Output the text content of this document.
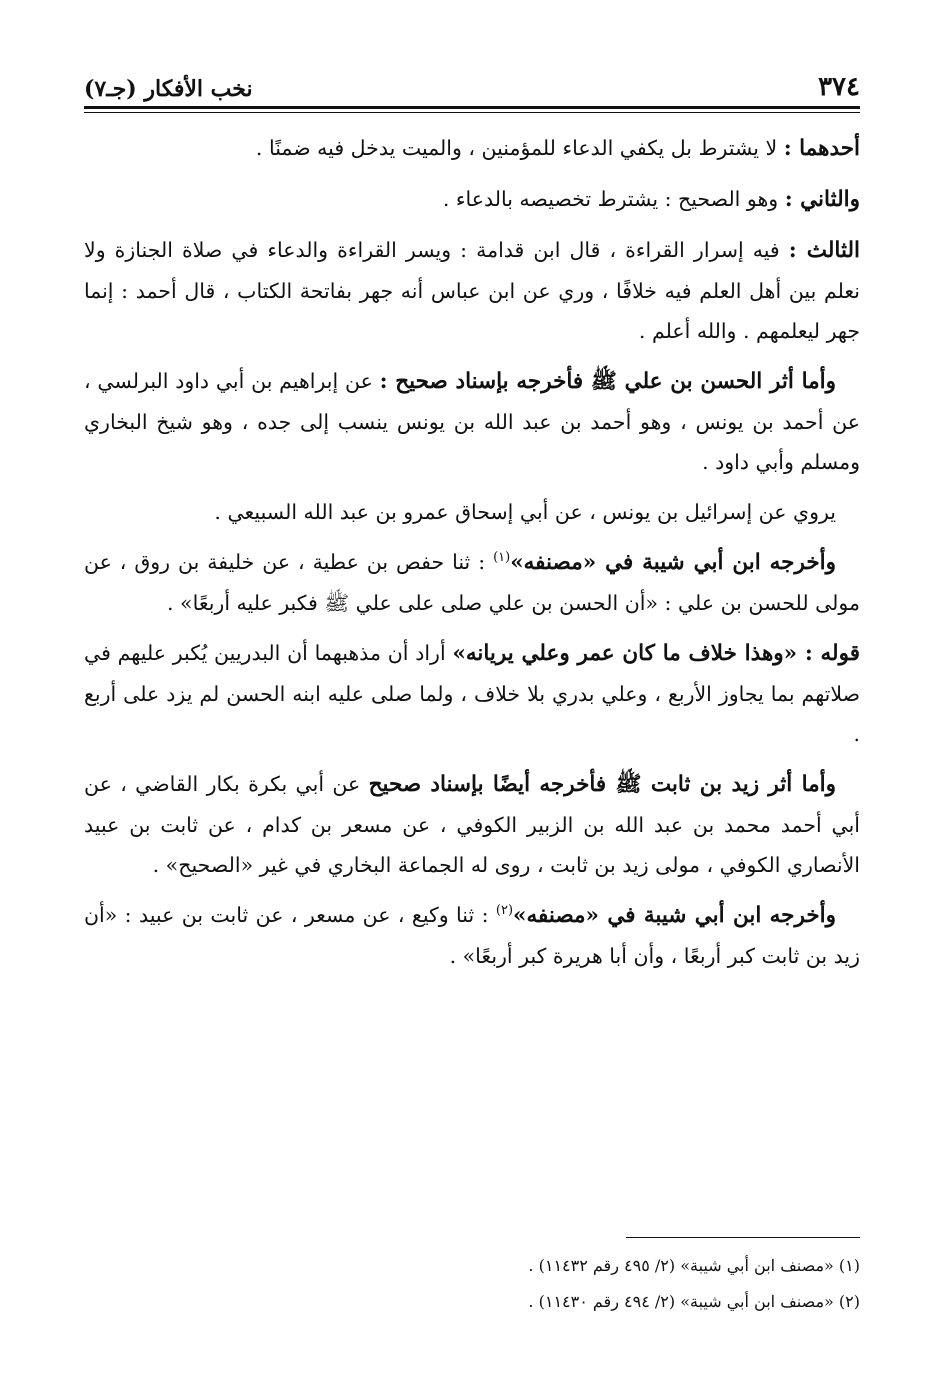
٣٧٤
نخب الأفكار (جـ٧)

أحدهما : لا يشترط بل يكفي الدعاء للمؤمنين ، والميت يدخل فيه ضمنًا .

والثاني : وهو الصحيح : يشترط تخصيصه بالدعاء .

الثالث : فيه إسرار القراءة ، قال ابن قدامة : ويسر القراءة والدعاء في صلاة الجنازة ولا نعلم بين أهل العلم فيه خلافًا ، وري عن ابن عباس أنه جهر بفاتحة الكتاب ، قال أحمد : إنما جهر ليعلمهم . والله أعلم .

وأما أثر الحسن بن علي ﷺ فأخرجه بإسناد صحيح : عن إبراهيم بن أبي داود البرلسي ، عن أحمد بن يونس ، وهو أحمد بن عبد الله بن يونس ينسب إلى جده ، وهو شيخ البخاري ومسلم وأبي داود .

يروي عن إسرائيل بن يونس ، عن أبي إسحاق عمرو بن عبد الله السبيعي .

وأخرجه ابن أبي شيبة في «مصنفه»$^{(١)}$ : ثنا حفص بن عطية ، عن خليفة بن روق ، عن مولى للحسن بن علي : «أن الحسن بن علي صلى على علي ﷺ فكبر عليه أربعًا» .

قوله : «وهذا خلاف ما كان عمر وعلي يريانه» أراد أن مذهبهما أن البدريين يُكبر عليهم في صلاتهم بما يجاوز الأربع ، وعلي بدري بلا خلاف ، ولما صلى عليه ابنه الحسن لم يزد على أربع .

وأما أثر زيد بن ثابت ﷺ فأخرجه أيضًا بإسناد صحيح عن أبي بكرة بكار القاضي ، عن أبي أحمد محمد بن عبد الله بن الزبير الكوفي ، عن مسعر بن كدام ، عن ثابت بن عبيد الأنصاري الكوفي ، مولى زيد بن ثابت ، روى له الجماعة البخاري في غير «الصحيح» .

وأخرجه ابن أبي شيبة في «مصنفه»$^{(٢)}$ : ثنا وكيع ، عن مسعر ، عن ثابت بن عبيد : «أن زيد بن ثابت كبر أربعًا ، وأن أبا هريرة كبر أربعًا» .

(١) «مصنف ابن أبي شيبة» (٢/ ٤٩٥ رقم ١١٤٣٢) .
(٢) «مصنف ابن أبي شيبة» (٢/ ٤٩٤ رقم ١١٤٣٠) .
